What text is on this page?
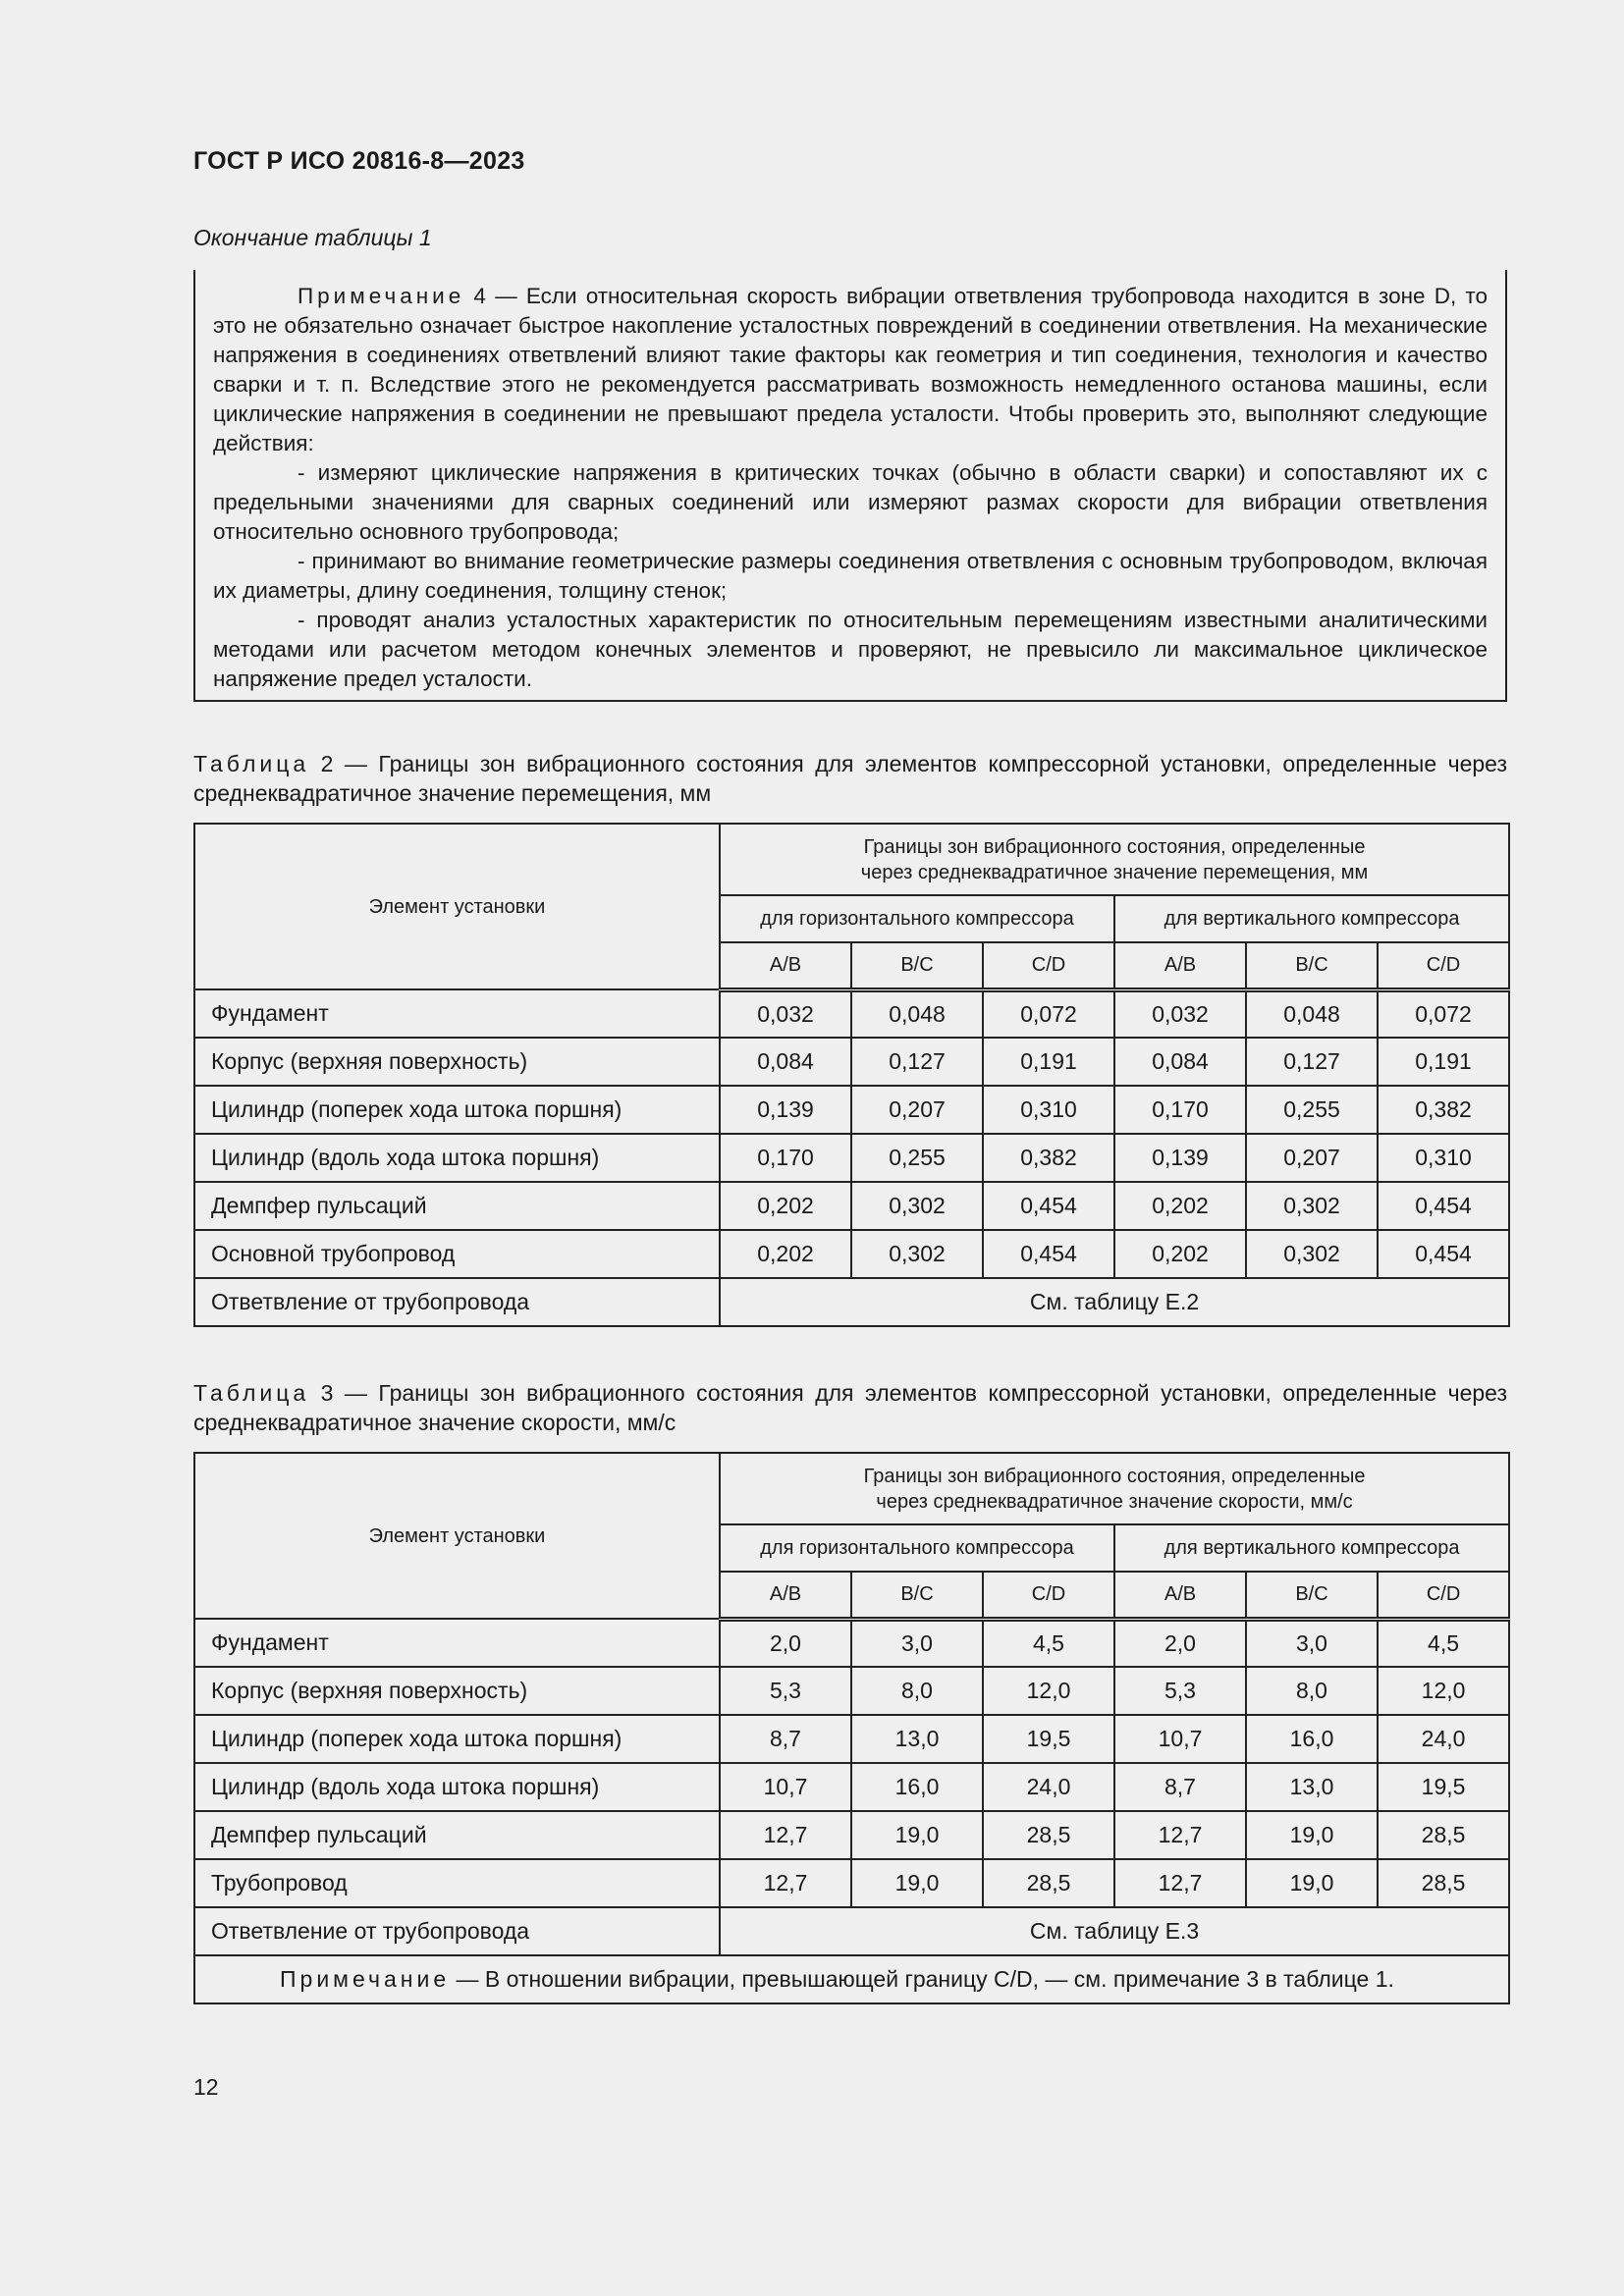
ГОСТ Р ИСО 20816-8—2023
Окончание таблицы 1

Примечание 4 — Если относительная скорость вибрации ответвления трубопровода находится в зоне D, то это не обязательно означает быстрое накопление усталостных повреждений в соединении ответвления. На механические напряжения в соединениях ответвлений влияют такие факторы как геометрия и тип соединения, технология и качество сварки и т. п. Вследствие этого не рекомендуется рассматривать возможность немедленного останова машины, если циклические напряжения в соединении не превышают предела усталости. Чтобы проверить это, выполняют следующие действия:

- измеряют циклические напряжения в критических точках (обычно в области сварки) и сопоставляют их с предельными значениями для сварных соединений или измеряют размах скорости для вибрации ответвления относительно основного трубопровода;

- принимают во внимание геометрические размеры соединения ответвления с основным трубопроводом, включая их диаметры, длину соединения, толщину стенок;

- проводят анализ усталостных характеристик по относительным перемещениям известными аналитическими методами или расчетом методом конечных элементов и проверяют, не превысило ли максимальное циклическое напряжение предел усталости.

Таблица 2 — Границы зон вибрационного состояния для элементов компрессорной установки, определенные через среднеквадратичное значение перемещения, мм
Элемент установки	Границы зон вибрационного состояния, определенные
через среднеквадратичное значение перемещения, мм					
	для горизонтального компрессора			для вертикального компрессора		
	A/B	B/C	C/D	A/B	B/C	C/D
Фундамент	0,032	0,048	0,072	0,032	0,048	0,072
Корпус (верхняя поверхность)	0,084	0,127	0,191	0,084	0,127	0,191
Цилиндр (поперек хода штока поршня)	0,139	0,207	0,310	0,170	0,255	0,382
Цилиндр (вдоль хода штока поршня)	0,170	0,255	0,382	0,139	0,207	0,310
Демпфер пульсаций	0,202	0,302	0,454	0,202	0,302	0,454
Основной трубопровод	0,202	0,302	0,454	0,202	0,302	0,454
Ответвление от трубопровода	См. таблицу Е.2					
Таблица 3 — Границы зон вибрационного состояния для элементов компрессорной установки, определенные через среднеквадратичное значение скорости, мм/с
Элемент установки	Границы зон вибрационного состояния, определенные
через среднеквадратичное значение скорости, мм/с					
	для горизонтального компрессора			для вертикального компрессора		
	A/B	B/C	C/D	A/B	B/C	C/D
Фундамент	2,0	3,0	4,5	2,0	3,0	4,5
Корпус (верхняя поверхность)	5,3	8,0	12,0	5,3	8,0	12,0
Цилиндр (поперек хода штока поршня)	8,7	13,0	19,5	10,7	16,0	24,0
Цилиндр (вдоль хода штока поршня)	10,7	16,0	24,0	8,7	13,0	19,5
Демпфер пульсаций	12,7	19,0	28,5	12,7	19,0	28,5
Трубопровод	12,7	19,0	28,5	12,7	19,0	28,5
Ответвление от трубопровода	См. таблицу Е.3					
Примечание — В отношении вибрации, превышающей границу C/D, — см. примечание 3 в таблице 1.						
12
